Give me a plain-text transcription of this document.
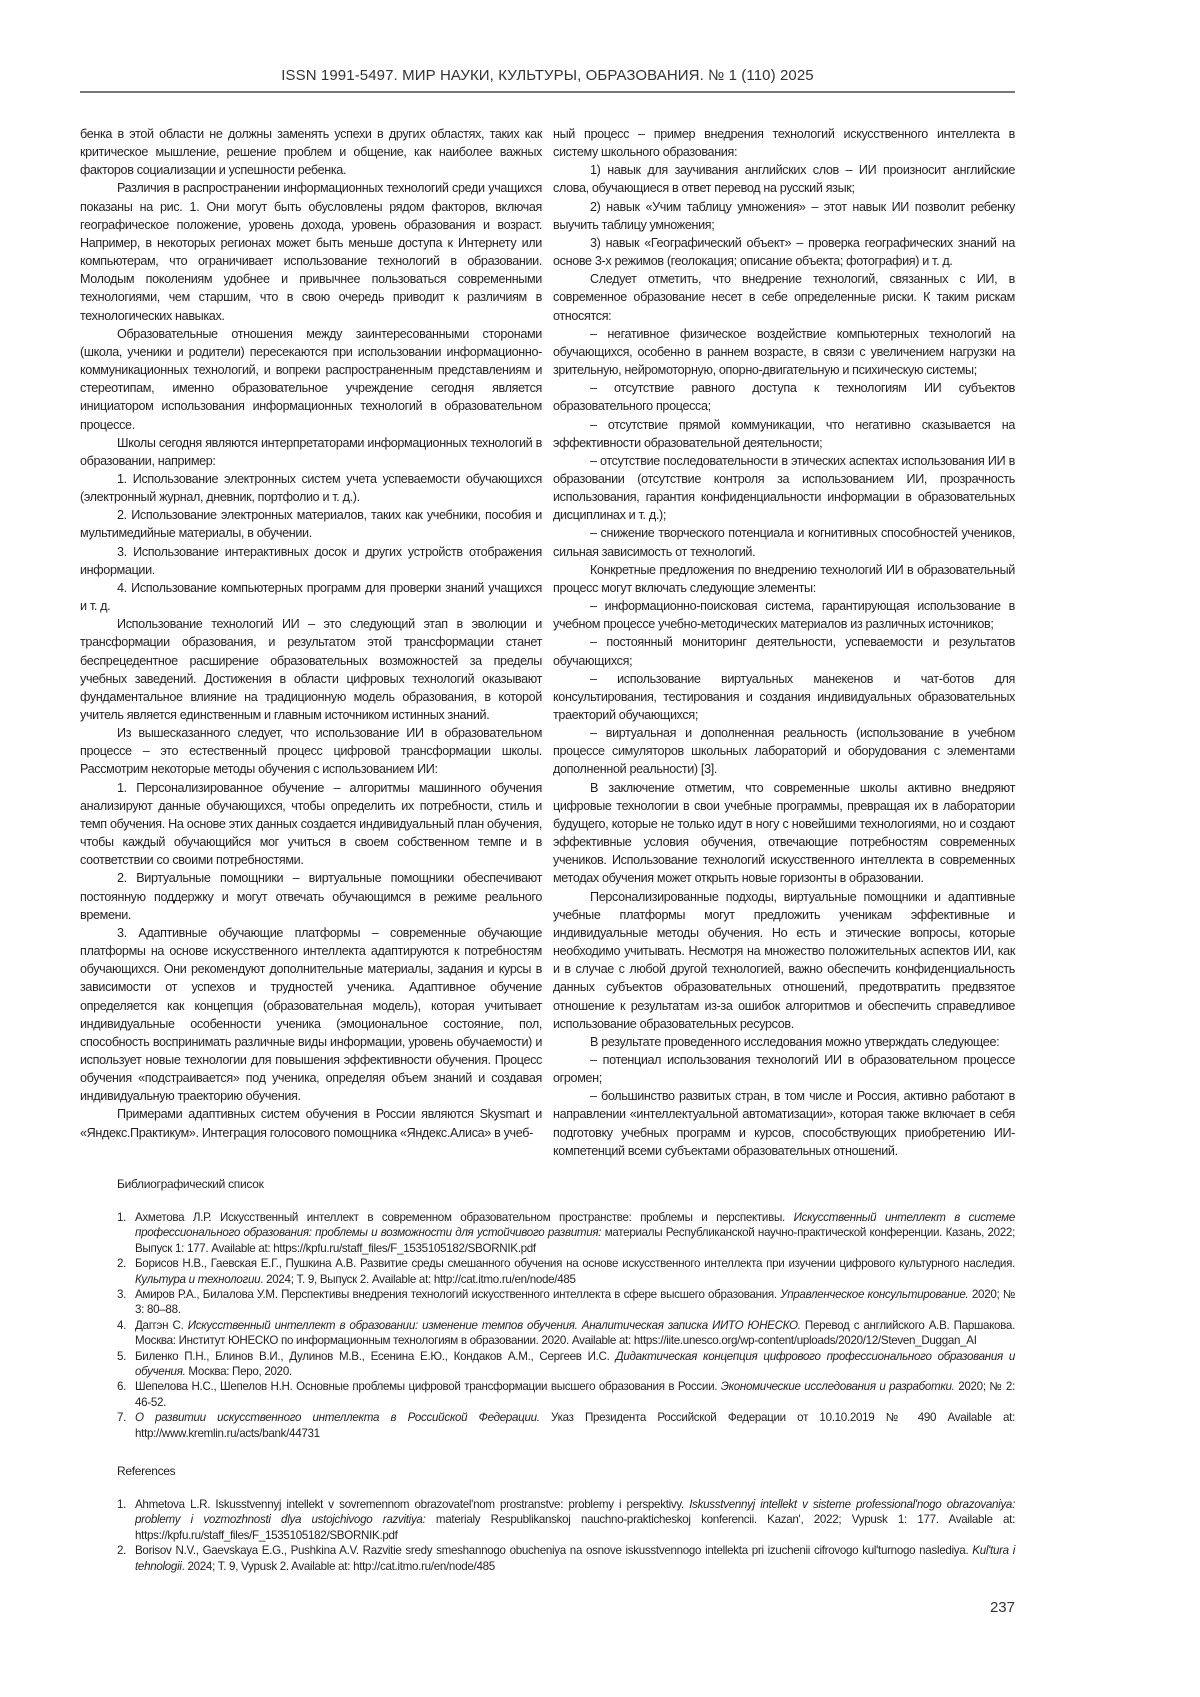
ISSN 1991-5497. МИР НАУКИ, КУЛЬТУРЫ, ОБРАЗОВАНИЯ. № 1 (110) 2025

бенка в этой области не должны заменять успехи в других областях, таких как критическое мышление, решение проблем и общение, как наиболее важных факторов социализации и успешности ребенка.

Различия в распространении информационных технологий среди учащихся показаны на рис. 1. Они могут быть обусловлены рядом факторов, включая географическое положение, уровень дохода, уровень образования и возраст. Например, в некоторых регионах может быть меньше доступа к Интернету или компьютерам, что ограничивает использование технологий в образовании. Молодым поколениям удобнее и привычнее пользоваться современными технологиями, чем старшим, что в свою очередь приводит к различиям в технологических навыках.

Образовательные отношения между заинтересованными сторонами (школа, ученики и родители) пересекаются при использовании информационно-коммуникационных технологий, и вопреки распространенным представлениям и стереотипам, именно образовательное учреждение сегодня является инициатором использования информационных технологий в образовательном процессе.

Школы сегодня являются интерпретаторами информационных технологий в образовании, например:

1. Использование электронных систем учета успеваемости обучающихся (электронный журнал, дневник, портфолио и т. д.).

2. Использование электронных материалов, таких как учебники, пособия и мультимедийные материалы, в обучении.

3. Использование интерактивных досок и других устройств отображения информации.

4. Использование компьютерных программ для проверки знаний учащихся и т. д.

Использование технологий ИИ – это следующий этап в эволюции и трансформации образования, и результатом этой трансформации станет беспрецедентное расширение образовательных возможностей за пределы учебных заведений. Достижения в области цифровых технологий оказывают фундаментальное влияние на традиционную модель образования, в которой учитель является единственным и главным источником истинных знаний.

Из вышесказанного следует, что использование ИИ в образовательном процессе – это естественный процесс цифровой трансформации школы. Рассмотрим некоторые методы обучения с использованием ИИ:

1. Персонализированное обучение – алгоритмы машинного обучения анализируют данные обучающихся, чтобы определить их потребности, стиль и темп обучения. На основе этих данных создается индивидуальный план обучения, чтобы каждый обучающийся мог учиться в своем собственном темпе и в соответствии со своими потребностями.

2. Виртуальные помощники – виртуальные помощники обеспечивают постоянную поддержку и могут отвечать обучающимся в режиме реального времени.

3. Адаптивные обучающие платформы – современные обучающие платформы на основе искусственного интеллекта адаптируются к потребностям обучающихся. Они рекомендуют дополнительные материалы, задания и курсы в зависимости от успехов и трудностей ученика. Адаптивное обучение определяется как концепция (образовательная модель), которая учитывает индивидуальные особенности ученика (эмоциональное состояние, пол, способность воспринимать различные виды информации, уровень обучаемости) и использует новые технологии для повышения эффективности обучения. Процесс обучения «подстраивается» под ученика, определяя объем знаний и создавая индивидуальную траекторию обучения.

Примерами адаптивных систем обучения в России являются Skysmart и «Яндекс.Практикум». Интеграция голосового помощника «Яндекс.Алиса» в учеб-

ный процесс – пример внедрения технологий искусственного интеллекта в систему школьного образования:

1) навык для заучивания английских слов – ИИ произносит английские слова, обучающиеся в ответ перевод на русский язык;

2) навык «Учим таблицу умножения» – этот навык ИИ позволит ребенку выучить таблицу умножения;

3) навык «Географический объект» – проверка географических знаний на основе 3-х режимов (геолокация; описание объекта; фотография) и т. д.

Следует отметить, что внедрение технологий, связанных с ИИ, в современное образование несет в себе определенные риски. К таким рискам относятся:

– негативное физическое воздействие компьютерных технологий на обучающихся, особенно в раннем возрасте, в связи с увеличением нагрузки на зрительную, нейромоторную, опорно-двигательную и психическую системы;

– отсутствие равного доступа к технологиям ИИ субъектов образовательного процесса;

– отсутствие прямой коммуникации, что негативно сказывается на эффективности образовательной деятельности;

– отсутствие последовательности в этических аспектах использования ИИ в образовании (отсутствие контроля за использованием ИИ, прозрачность использования, гарантия конфиденциальности информации в образовательных дисциплинах и т. д.);

– снижение творческого потенциала и когнитивных способностей учеников, сильная зависимость от технологий.

Конкретные предложения по внедрению технологий ИИ в образовательный процесс могут включать следующие элементы:

– информационно-поисковая система, гарантирующая использование в учебном процессе учебно-методических материалов из различных источников;

– постоянный мониторинг деятельности, успеваемости и результатов обучающихся;

– использование виртуальных манекенов и чат-ботов для консультирования, тестирования и создания индивидуальных образовательных траекторий обучающихся;

– виртуальная и дополненная реальность (использование в учебном процессе симуляторов школьных лабораторий и оборудования с элементами дополненной реальности) [3].

В заключение отметим, что современные школы активно внедряют цифровые технологии в свои учебные программы, превращая их в лаборатории будущего, которые не только идут в ногу с новейшими технологиями, но и создают эффективные условия обучения, отвечающие потребностям современных учеников. Использование технологий искусственного интеллекта в современных методах обучения может открыть новые горизонты в образовании.

Персонализированные подходы, виртуальные помощники и адаптивные учебные платформы могут предложить ученикам эффективные и индивидуальные методы обучения. Но есть и этические вопросы, которые необходимо учитывать. Несмотря на множество положительных аспектов ИИ, как и в случае с любой другой технологией, важно обеспечить конфиденциальность данных субъектов образовательных отношений, предотвратить предвзятое отношение к результатам из-за ошибок алгоритмов и обеспечить справедливое использование образовательных ресурсов.

В результате проведенного исследования можно утверждать следующее:

– потенциал использования технологий ИИ в образовательном процессе огромен;

– большинство развитых стран, в том числе и Россия, активно работают в направлении «интеллектуальной автоматизации», которая также включает в себя подготовку учебных программ и курсов, способствующих приобретению ИИ-компетенций всеми субъектами образовательных отношений.

Библиографический список
1. Ахметова Л.Р. Искусственный интеллект в современном образовательном пространстве: проблемы и перспективы. Искусственный интеллект в системе профессионального образования: проблемы и возможности для устойчивого развития: материалы Республиканской научно-практической конференции. Казань, 2022; Выпуск 1: 177. Available at: https://kpfu.ru/staff_files/F_1535105182/SBORNIK.pdf
2. Борисов Н.В., Гаевская Е.Г., Пушкина А.В. Развитие среды смешанного обучения на основе искусственного интеллекта при изучении цифрового культурного наследия. Культура и технологии. 2024; Т. 9, Выпуск 2. Available at: http://cat.itmo.ru/en/node/485
3. Амиров Р.А., Билалова У.М. Перспективы внедрения технологий искусственного интеллекта в сфере высшего образования. Управленческое консультирование. 2020; № 3: 80–88.
4. Даггэн С. Искусственный интеллект в образовании: изменение темпов обучения. Аналитическая записка ИИТО ЮНЕСКО. Перевод с английского А.В. Паршакова. Москва: Институт ЮНЕСКО по информационным технологиям в образовании. 2020. Available at: https://iite.unesco.org/wp-content/uploads/2020/12/Steven_Duggan_AI
5. Биленко П.Н., Блинов В.И., Дулинов М.В., Есенина Е.Ю., Кондаков А.М., Сергеев И.С. Дидактическая концепция цифрового профессионального образования и обучения. Москва: Перо, 2020.
6. Шепелова Н.С., Шепелов Н.Н. Основные проблемы цифровой трансформации высшего образования в России. Экономические исследования и разработки. 2020; № 2: 46-52.
7. О развитии искусственного интеллекта в Российской Федерации. Указ Президента Российской Федерации от 10.10.2019 № 490 Available at: http://www.kremlin.ru/acts/bank/44731
References
1. Ahmetova L.R. Iskusstvennyj intellekt v sovremennom obrazovatel'nom prostranstve: problemy i perspektivy. Iskusstvennyj intellekt v sisteme professional'nogo obrazovaniya: problemy i vozmozhnosti dlya ustojchivogo razvitiya: materialy Respublikanskoj nauchno-prakticheskoj konferencii. Kazan', 2022; Vypusk 1: 177. Available at: https://kpfu.ru/staff_files/F_1535105182/SBORNIK.pdf
2. Borisov N.V., Gaevskaya E.G., Pushkina A.V. Razvitie sredy smeshannogo obucheniya na osnove iskusstvennogo intellekta pri izuchenii cifrovogo kul'turnogo naslediya. Kul'tura i tehnologii. 2024; T. 9, Vypusk 2. Available at: http://cat.itmo.ru/en/node/485
237
